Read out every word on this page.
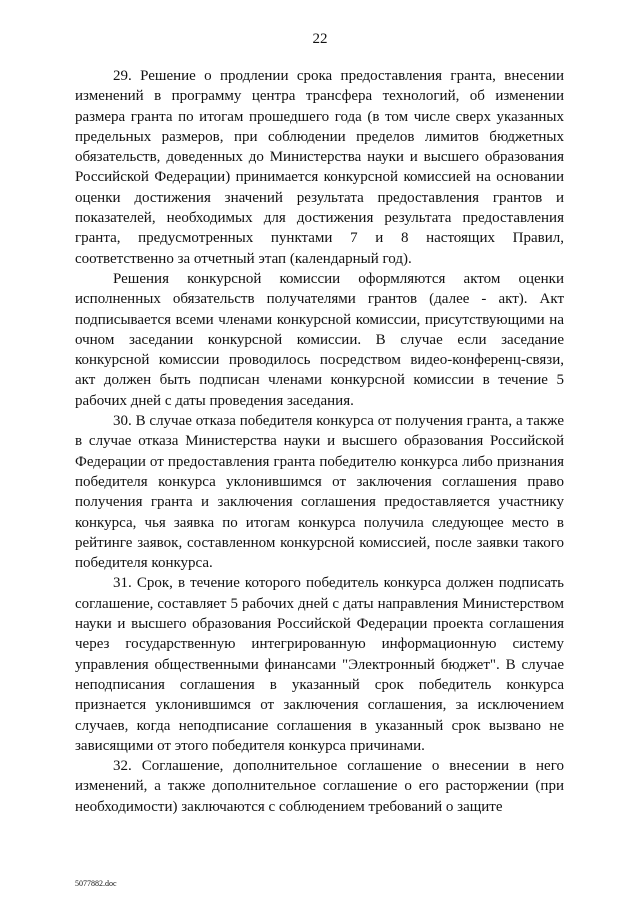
22

29. Решение о продлении срока предоставления гранта, внесении изменений в программу центра трансфера технологий, об изменении размера гранта по итогам прошедшего года (в том числе сверх указанных предельных размеров, при соблюдении пределов лимитов бюджетных обязательств, доведенных до Министерства науки и высшего образования Российской Федерации) принимается конкурсной комиссией на основании оценки достижения значений результата предоставления грантов и показателей, необходимых для достижения результата предоставления гранта, предусмотренных пунктами 7 и 8 настоящих Правил, соответственно за отчетный этап (календарный год).

Решения конкурсной комиссии оформляются актом оценки исполненных обязательств получателями грантов (далее - акт). Акт подписывается всеми членами конкурсной комиссии, присутствующими на очном заседании конкурсной комиссии. В случае если заседание конкурсной комиссии проводилось посредством видео-конференц-связи, акт должен быть подписан членами конкурсной комиссии в течение 5 рабочих дней с даты проведения заседания.

30. В случае отказа победителя конкурса от получения гранта, а также в случае отказа Министерства науки и высшего образования Российской Федерации от предоставления гранта победителю конкурса либо признания победителя конкурса уклонившимся от заключения соглашения право получения гранта и заключения соглашения предоставляется участнику конкурса, чья заявка по итогам конкурса получила следующее место в рейтинге заявок, составленном конкурсной комиссией, после заявки такого победителя конкурса.

31. Срок, в течение которого победитель конкурса должен подписать соглашение, составляет 5 рабочих дней с даты направления Министерством науки и высшего образования Российской Федерации проекта соглашения через государственную интегрированную информационную систему управления общественными финансами "Электронный бюджет". В случае неподписания соглашения в указанный срок победитель конкурса признается уклонившимся от заключения соглашения, за исключением случаев, когда неподписание соглашения в указанный срок вызвано не зависящими от этого победителя конкурса причинами.

32. Соглашение, дополнительное соглашение о внесении в него изменений, а также дополнительное соглашение о его расторжении (при необходимости) заключаются с соблюдением требований о защите

5077882.doc
